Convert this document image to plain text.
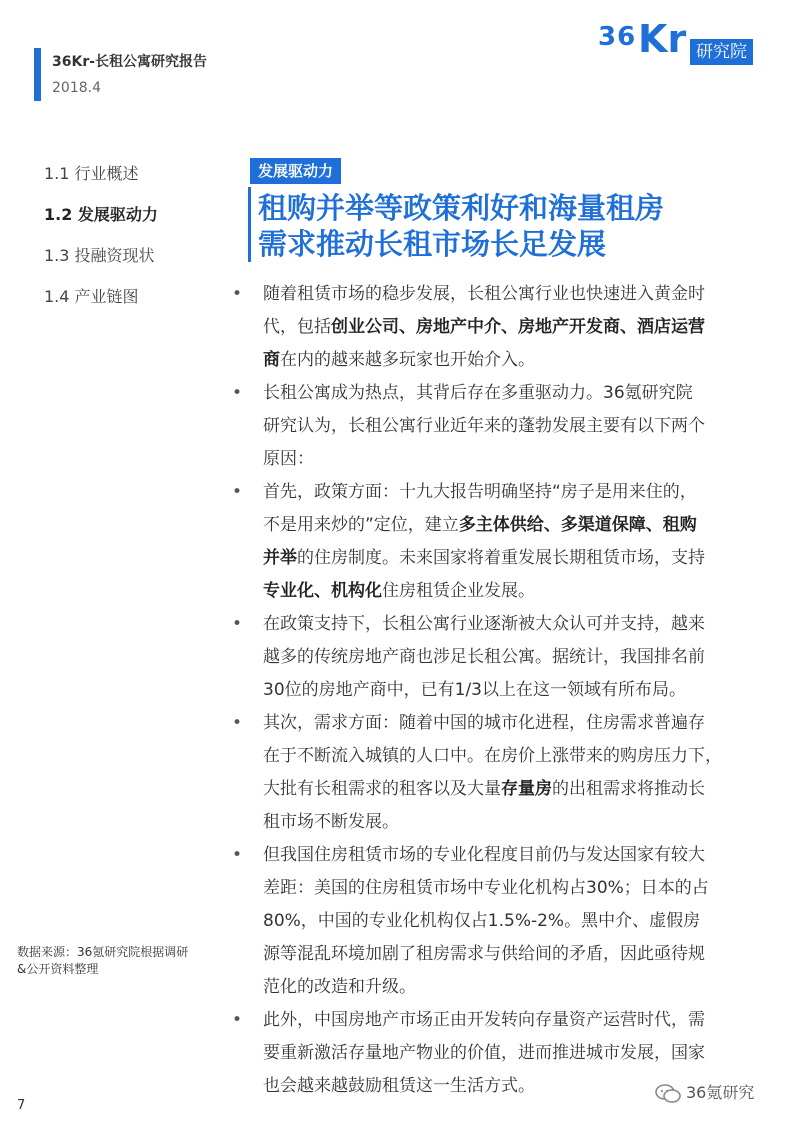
36Kr-长租公寓研究报告
2018.4
36 Kr 研究院
1.1 行业概述
1.2 发展驱动力
1.3 投融资现状
1.4 产业链图
发展驱动力
租购并举等政策利好和海量租房
需求推动长租市场长足发展
• 随着租赁市场的稳步发展，长租公寓行业也快速进入黄金时
代，包括创业公司、房地产中介、房地产开发商、酒店运营
商在内的越来越多玩家也开始介入。
• 长租公寓成为热点，其背后存在多重驱动力。36氪研究院
研究认为，长租公寓行业近年来的蓬勃发展主要有以下两个
原因：
• 首先，政策方面：十九大报告明确坚持“房子是用来住的，
不是用来炒的”定位，建立多主体供给、多渠道保障、租购
并举的住房制度。未来国家将着重发展长期租赁市场，支持
专业化、机构化住房租赁企业发展。
• 在政策支持下，长租公寓行业逐渐被大众认可并支持，越来
越多的传统房地产商也涉足长租公寓。据统计，我国排名前
30位的房地产商中，已有1/3以上在这一领域有所布局。
• 其次，需求方面：随着中国的城市化进程，住房需求普遍存
在于不断流入城镇的人口中。在房价上涨带来的购房压力下，
大批有长租需求的租客以及大量存量房的出租需求将推动长
租市场不断发展。
• 但我国住房租赁市场的专业化程度目前仍与发达国家有较大
差距：美国的住房租赁市场中专业化机构占30%；日本的占
80%，中国的专业化机构仅占1.5%-2%。黑中介、虚假房
源等混乱环境加剧了租房需求与供给间的矛盾，因此亟待规
范化的改造和升级。
• 此外，中国房地产市场正由开发转向存量资产运营时代，需
要重新激活存量地产物业的价值，进而推进城市发展，国家
也会越来越鼓励租赁这一生活方式。
数据来源：36氪研究院根据调研&公开资料整理
7
36氪研究
